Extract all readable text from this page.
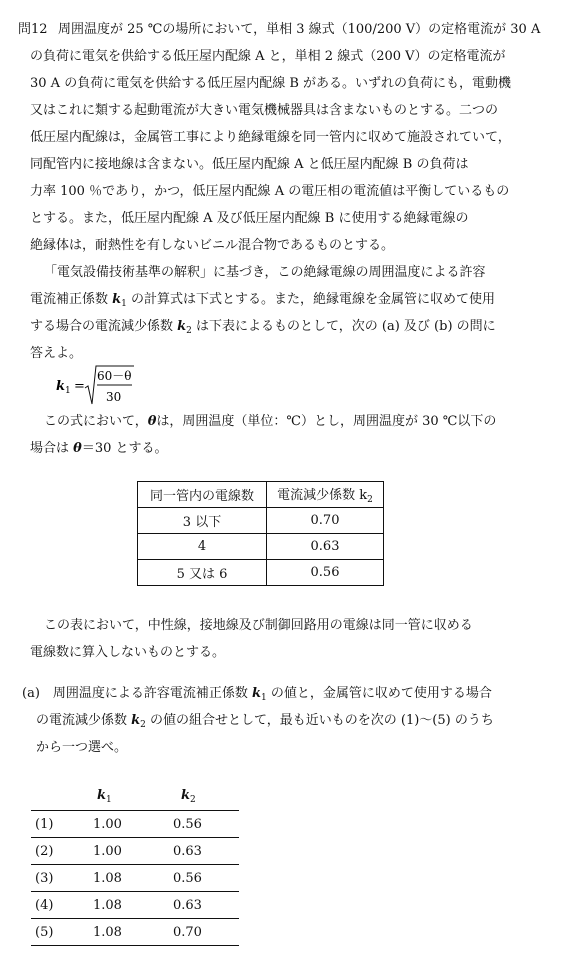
問12 周囲温度が 25 ℃の場所において，単相 3 線式（100/200 V）の定格電流が 30 A
の負荷に電気を供給する低圧屋内配線 A と，単相 2 線式（200 V）の定格電流が
30 A の負荷に電気を供給する低圧屋内配線 B がある。いずれの負荷にも，電動機
又はこれに類する起動電流が大きい電気機械器具は含まないものとする。二つの
低圧屋内配線は，金属管工事により絶縁電線を同一管内に収めて施設されていて，
同配管内に接地線は含まない。低圧屋内配線 A と低圧屋内配線 B の負荷は
力率 100 ％であり，かつ，低圧屋内配線 A の電圧相の電流値は平衡しているもの
とする。また，低圧屋内配線 A 及び低圧屋内配線 B に使用する絶縁電線の
絶縁体は，耐熱性を有しないビニル混合物であるものとする。
「電気設備技術基準の解釈」に基づき，この絶縁電線の周囲温度による許容
電流補正係数 $k_1$ の計算式は下式とする。また，絶縁電線を金属管に収めて使用
する場合の電流減少係数 $k_2$ は下表によるものとして，次の (a) 及び (b) の問に
答えよ。
k 1 =
60－θ
30
この式において，θは，周囲温度（単位：℃）とし，周囲温度が 30 ℃以下の
場合は θ＝30 とする。
同一管内の電線数	電流減少係数 $k_2$
3 以下	0.70
4	0.63
5 又は 6	0.56
この表において，中性線，接地線及び制御回路用の電線は同一管に収める
電線数に算入しないものとする。
(a)　周囲温度による許容電流補正係数 $k_1$ の値と，金属管に収めて使用する場合
の電流減少係数 $k_2$ の値の組合せとして，最も近いものを次の (1)～(5) のうち
から一つ選べ。
	$k_1$	$k_2$
(1)	1.00	0.56
(2)	1.00	0.63
(3)	1.08	0.56
(4)	1.08	0.63
(5)	1.08	0.70
